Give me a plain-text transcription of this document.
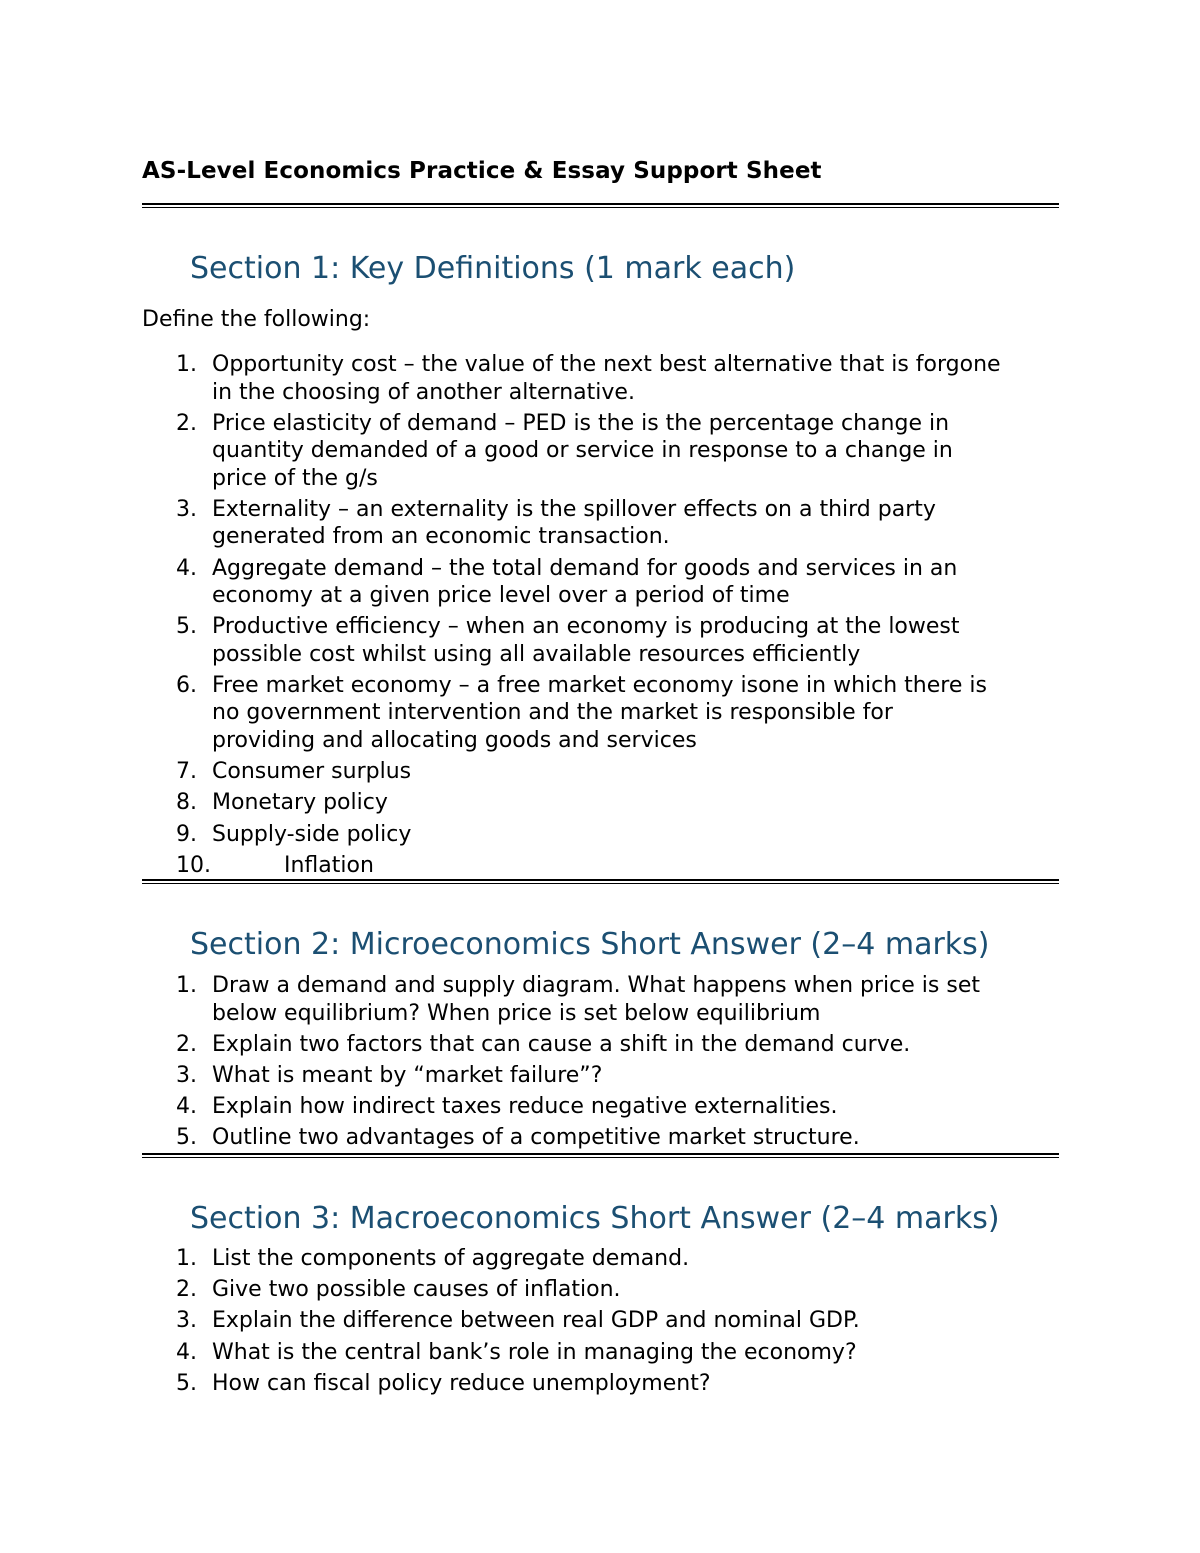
AS-Level Economics Practice & Essay Support Sheet
Section 1: Key Definitions (1 mark each)
Define the following:
1. Opportunity cost – the value of the next best alternative that is forgone
in the choosing of another alternative.
2. Price elasticity of demand – PED is the is the percentage change in
quantity demanded of a good or service in response to a change in
price of the g/s
3. Externality – an externality is the spillover effects on a third party
generated from an economic transaction.
4. Aggregate demand – the total demand for goods and services in an
economy at a given price level over a period of time
5. Productive efficiency – when an economy is producing at the lowest
possible cost whilst using all available resources efficiently
6. Free market economy – a free market economy isone in which there is
no government intervention and the market is responsible for
providing and allocating goods and services
7. Consumer surplus
8. Monetary policy
9. Supply-side policy
10.	Inflation
Section 2: Microeconomics Short Answer (2–4 marks)
1. Draw a demand and supply diagram. What happens when price is set
below equilibrium? When price is set below equilibrium
2. Explain two factors that can cause a shift in the demand curve.
3. What is meant by “market failure”?
4. Explain how indirect taxes reduce negative externalities.
5. Outline two advantages of a competitive market structure.
Section 3: Macroeconomics Short Answer (2–4 marks)
1. List the components of aggregate demand.
2. Give two possible causes of inflation.
3. Explain the difference between real GDP and nominal GDP.
4. What is the central bank’s role in managing the economy?
5. How can fiscal policy reduce unemployment?
